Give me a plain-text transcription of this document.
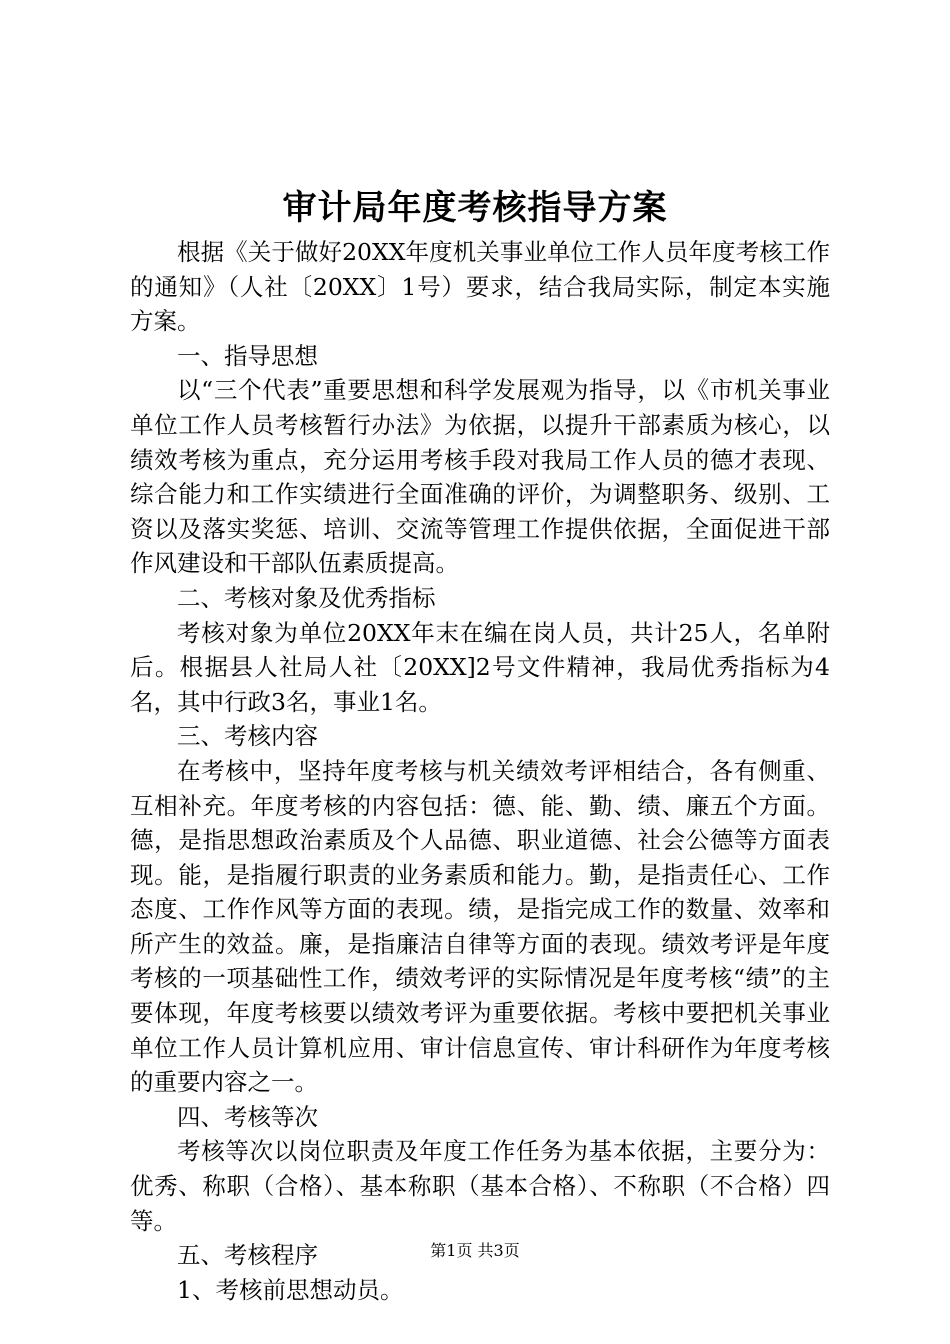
审计局年度考核指导方案

根据《关于做好20XX年度机关事业单位工作人员年度考核工作的通知》（人社〔20XX〕1号）要求，结合我局实际，制定本实施方案。

一、指导思想

以“三个代表”重要思想和科学发展观为指导，以《市机关事业单位工作人员考核暂行办法》为依据，以提升干部素质为核心，以绩效考核为重点，充分运用考核手段对我局工作人员的德才表现、综合能力和工作实绩进行全面准确的评价，为调整职务、级别、工资以及落实奖惩、培训、交流等管理工作提供依据，全面促进干部作风建设和干部队伍素质提高。

二、考核对象及优秀指标

考核对象为单位20XX年末在编在岗人员，共计25人，名单附后。根据县人社局人社〔20XX]2号文件精神，我局优秀指标为4名，其中行政3名，事业1名。

三、考核内容

在考核中，坚持年度考核与机关绩效考评相结合，各有侧重、互相补充。年度考核的内容包括：德、能、勤、绩、廉五个方面。德，是指思想政治素质及个人品德、职业道德、社会公德等方面表现。能，是指履行职责的业务素质和能力。勤，是指责任心、工作态度、工作作风等方面的表现。绩，是指完成工作的数量、效率和所产生的效益。廉，是指廉洁自律等方面的表现。绩效考评是年度考核的一项基础性工作，绩效考评的实际情况是年度考核“绩”的主要体现，年度考核要以绩效考评为重要依据。考核中要把机关事业单位工作人员计算机应用、审计信息宣传、审计科研作为年度考核的重要内容之一。

四、考核等次

考核等次以岗位职责及年度工作任务为基本依据，主要分为：优秀、称职（合格）、基本称职（基本合格）、不称职（不合格）四等。

五、考核程序

1、考核前思想动员。

第1页 共3页
